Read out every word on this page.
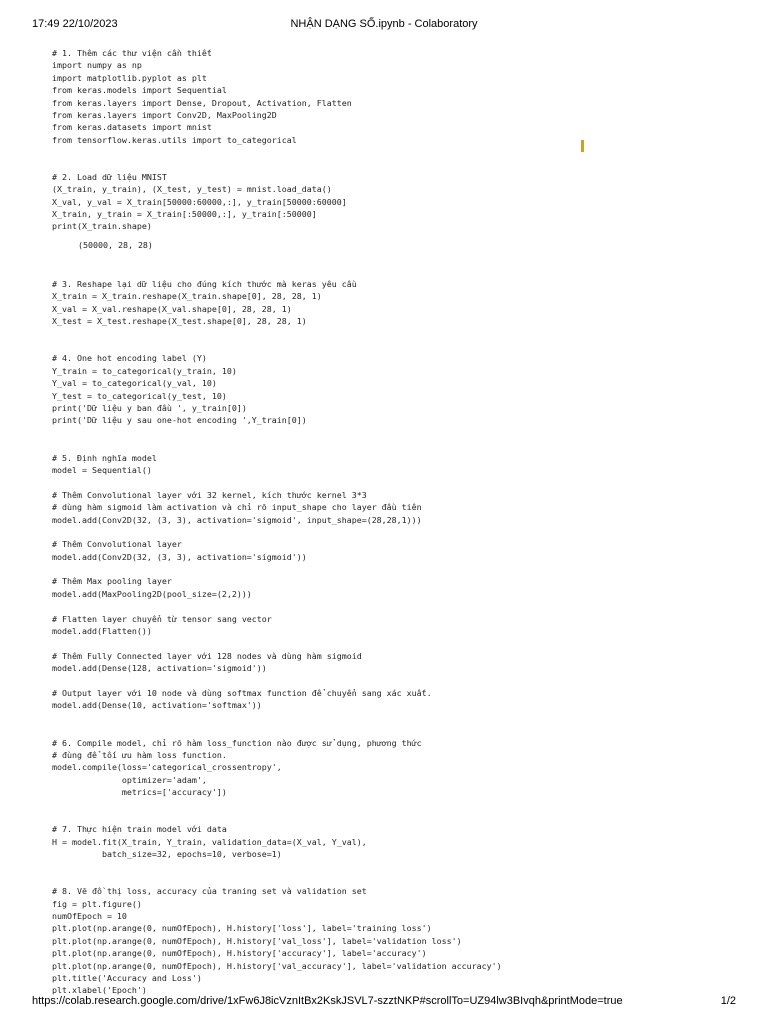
17:49 22/10/2023	NHẬN DẠNG SỐ.ipynb - Colaboratory
# 1. Thêm các thư viện cần thiết
import numpy as np
import matplotlib.pyplot as plt
from keras.models import Sequential
from keras.layers import Dense, Dropout, Activation, Flatten
from keras.layers import Conv2D, MaxPooling2D
from keras.datasets import mnist
from tensorflow.keras.utils import to_categorical
# 2. Load dữ liệu MNIST
(X_train, y_train), (X_test, y_test) = mnist.load_data()
X_val, y_val = X_train[50000:60000,:], y_train[50000:60000]
X_train, y_train = X_train[:50000,:], y_train[:50000]
print(X_train.shape)
(50000, 28, 28)
# 3. Reshape lại dữ liệu cho đúng kích thước mà keras yêu cầu
X_train = X_train.reshape(X_train.shape[0], 28, 28, 1)
X_val = X_val.reshape(X_val.shape[0], 28, 28, 1)
X_test = X_test.reshape(X_test.shape[0], 28, 28, 1)
# 4. One hot encoding label (Y)
Y_train = to_categorical(y_train, 10)
Y_val = to_categorical(y_val, 10)
Y_test = to_categorical(y_test, 10)
print('Dữ liệu y ban đầu ', y_train[0])
print('Dữ liệu y sau one-hot encoding ',Y_train[0])
# 5. Định nghĩa model
model = Sequential()
# Thêm Convolutional layer với 32 kernel, kích thước kernel 3*3
# dùng hàm sigmoid làm activation và chỉ rõ input_shape cho layer đầu tiên
model.add(Conv2D(32, (3, 3), activation='sigmoid', input_shape=(28,28,1)))
# Thêm Convolutional layer
model.add(Conv2D(32, (3, 3), activation='sigmoid'))
# Thêm Max pooling layer
model.add(MaxPooling2D(pool_size=(2,2)))
# Flatten layer chuyển từ tensor sang vector
model.add(Flatten())
# Thêm Fully Connected layer với 128 nodes và dùng hàm sigmoid
model.add(Dense(128, activation='sigmoid'))
# Output layer với 10 node và dùng softmax function để chuyển sang xác xuất.
model.add(Dense(10, activation='softmax'))
# 6. Compile model, chỉ rõ hàm loss_function nào được sử dụng, phương thức
# đùng để tối ưu hàm loss function.
model.compile(loss='categorical_crossentropy',
optimizer='adam',
metrics=['accuracy'])
# 7. Thực hiện train model với data
H = model.fit(X_train, Y_train, validation_data=(X_val, Y_val),
batch_size=32, epochs=10, verbose=1)
# 8. Vẽ đồ thị loss, accuracy của traning set và validation set
fig = plt.figure()
numOfEpoch = 10
plt.plot(np.arange(0, numOfEpoch), H.history['loss'], label='training loss')
plt.plot(np.arange(0, numOfEpoch), H.history['val_loss'], label='validation loss')
plt.plot(np.arange(0, numOfEpoch), H.history['accuracy'], label='accuracy')
plt.plot(np.arange(0, numOfEpoch), H.history['val_accuracy'], label='validation accuracy')
plt.title('Accuracy and Loss')
plt.xlabel('Epoch')
https://colab.research.google.com/drive/1xFw6J8icVznItBx2KskJSVL7-szztNKP#scrollTo=UZ94lw3BIvqh&printMode=true	1/2
